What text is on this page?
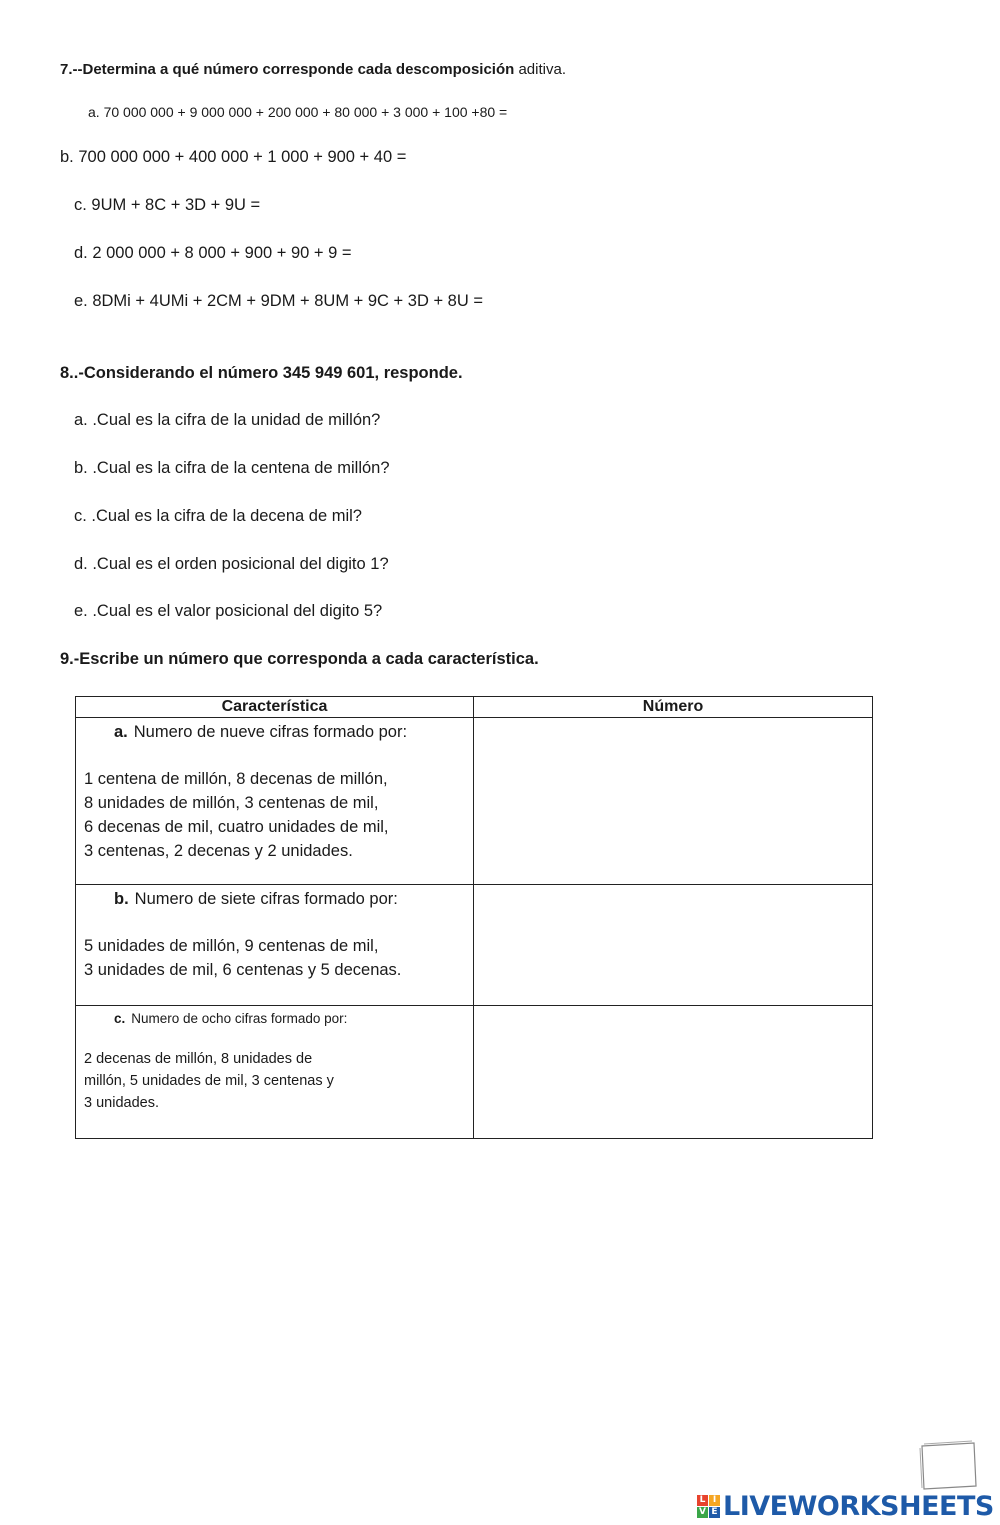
7.--Determina a qué número corresponde cada descomposición aditiva.
a. 70 000 000 + 9 000 000 + 200 000 + 80 000 + 3 000 + 100 +80 =
b. 700 000 000 + 400 000 + 1 000 + 900 + 40 =
c. 9UM + 8C + 3D + 9U =
d. 2 000 000 + 8 000 + 900 + 90 + 9 =
e. 8DMi + 4UMi + 2CM + 9DM + 8UM + 9C + 3D + 8U =
8..-Considerando el número 345 949 601, responde.
a. .Cual es la cifra de la unidad de millón?
b. .Cual es la cifra de la centena de millón?
c. .Cual es la cifra de la decena de mil?
d. .Cual es el orden posicional del digito 1?
e. .Cual es el valor posicional del digito 5?
9.-Escribe un número que corresponda a cada característica.
Característica	Número

a. Numero de nueve cifras formado por:
1 centena de millón, 8 decenas de millón,
8 unidades de millón, 3 centenas de mil,
6 decenas de mil, cuatro unidades de mil,
3 centenas, 2 decenas y 2 unidades.	

b. Numero de siete cifras formado por:
5 unidades de millón, 9 centenas de mil,
3 unidades de mil, 6 centenas y 5 decenas.	

c. Numero de ocho cifras formado por:
2 decenas de millón, 8 unidades de
millón, 5 unidades de mil, 3 centenas y
3 unidades.	

L I
V E LIVEWORKSHEETS
